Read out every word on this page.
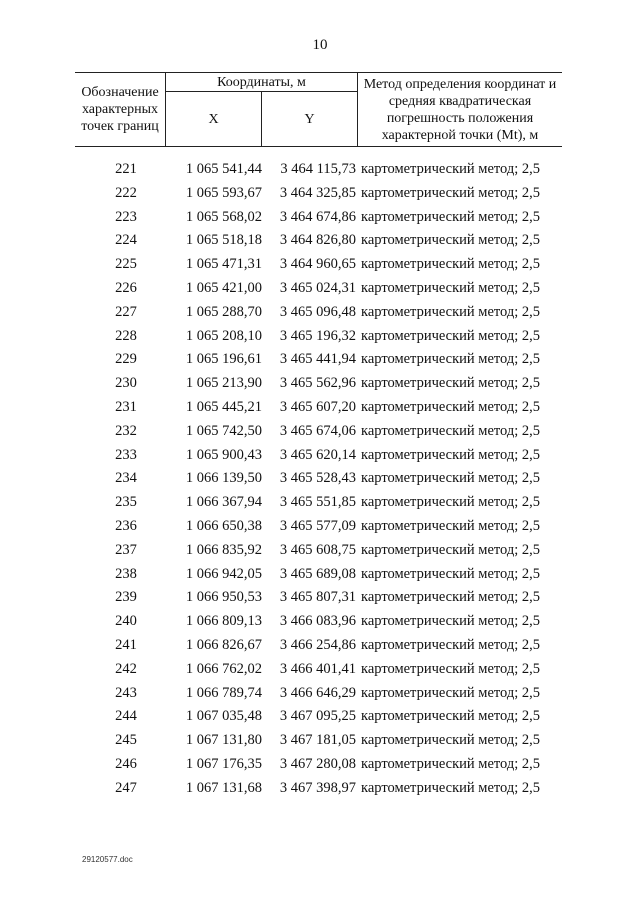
10
Обозначение характерных точек границ	Координаты, м		Метод определения координат и средняя квадратическая погрешность положения характерной точки (Mt), м
	X	Y	
221	1 065 541,44	3 464 115,73 картометрический метод; 2,5
222	1 065 593,67	3 464 325,85 картометрический метод; 2,5
223	1 065 568,02	3 464 674,86 картометрический метод; 2,5
224	1 065 518,18	3 464 826,80 картометрический метод; 2,5
225	1 065 471,31	3 464 960,65 картометрический метод; 2,5
226	1 065 421,00	3 465 024,31 картометрический метод; 2,5
227	1 065 288,70	3 465 096,48 картометрический метод; 2,5
228	1 065 208,10	3 465 196,32 картометрический метод; 2,5
229	1 065 196,61	3 465 441,94 картометрический метод; 2,5
230	1 065 213,90	3 465 562,96 картометрический метод; 2,5
231	1 065 445,21	3 465 607,20 картометрический метод; 2,5
232	1 065 742,50	3 465 674,06 картометрический метод; 2,5
233	1 065 900,43	3 465 620,14 картометрический метод; 2,5
234	1 066 139,50	3 465 528,43 картометрический метод; 2,5
235	1 066 367,94	3 465 551,85 картометрический метод; 2,5
236	1 066 650,38	3 465 577,09 картометрический метод; 2,5
237	1 066 835,92	3 465 608,75 картометрический метод; 2,5
238	1 066 942,05	3 465 689,08 картометрический метод; 2,5
239	1 066 950,53	3 465 807,31 картометрический метод; 2,5
240	1 066 809,13	3 466 083,96 картометрический метод; 2,5
241	1 066 826,67	3 466 254,86 картометрический метод; 2,5
242	1 066 762,02	3 466 401,41 картометрический метод; 2,5
243	1 066 789,74	3 466 646,29 картометрический метод; 2,5
244	1 067 035,48	3 467 095,25 картометрический метод; 2,5
245	1 067 131,80	3 467 181,05 картометрический метод; 2,5
246	1 067 176,35	3 467 280,08 картометрический метод; 2,5
247	1 067 131,68	3 467 398,97 картометрический метод; 2,5
29120577.doc
